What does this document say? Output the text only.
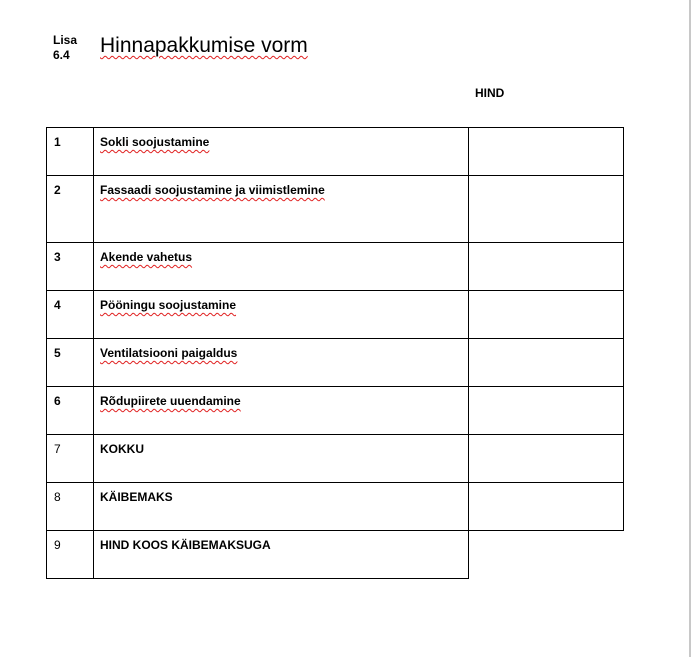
Lisa
6.4	Hinnapakkumise vorm
HIND
1	Sokli soojustamine	
2	Fassaadi soojustamine ja viimistlemine	
3	Akende vahetus	
4	Pööningu soojustamine	
5	Ventilatsiooni paigaldus	
6	Rõdupiirete uuendamine	
7	KOKKU	
8	KÄIBEMAKS	
9	HIND KOOS KÄIBEMAKSUGA	
